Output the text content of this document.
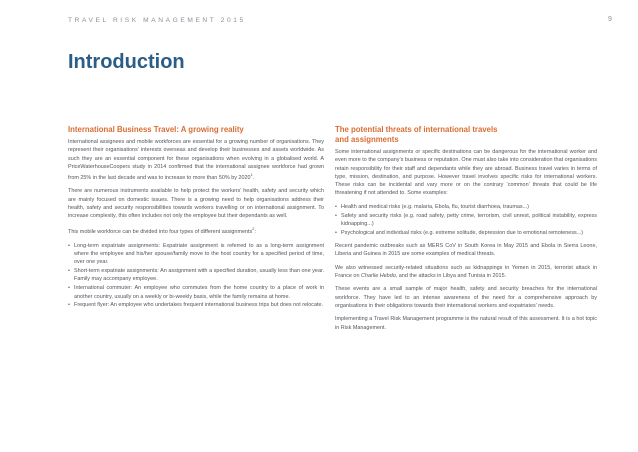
TRAVEL RISK MANAGEMENT 2015	9
Introduction
International Business Travel: A growing reality

International assignees and mobile workforces are essential for a growing number of organisations. They represent their organisations’ interests overseas and develop their businesses and assets worldwide. As such they are an essential component for these organisations when evolving in a globalised world. A PriceWaterhouseCoopers study in 2014 confirmed that the international assignee workforce had grown from 25% in the last decade and was to increase to more than 50% by 2020$^1$.

There are numerous instruments available to help protect the workers’ health, safety and security which are mainly focused on domestic issues. There is a growing need to help organisations address their health, safety and security responsibilities towards workers travelling or on international assignment. To increase complexity, this often includes not only the employee but their dependants as well.

This mobile workforce can be divided into four types of different assignments$^2$:

• Long-term expatriate assignments: Expatriate assignment is referred to as a long-term assignment where the employee and his/her spouse/family move to the host country for a specified period of time, over one year.
• Short-term expatriate assignments: An assignment with a specified duration, usually less than one year. Family may accompany employee.
• International commuter: An employee who commutes from the home country to a place of work in another country, usually on a weekly or bi-weekly basis, while the family remains at home.
• Frequent flyer: An employee who undertakes frequent international business trips but does not relocate.
The potential threats of international travels
and assignments

Some international assignments or specific destinations can be dangerous for the international worker and even more to the company’s business or reputation. One must also take into consideration that organisations retain responsibility for their staff and dependants while they are abroad. Business travel varies in terms of type, mission, destination, and purpose. However travel involves specific risks for international workers. These risks can be incidental and vary more or on the contrary ‘common’ threats that could be life threatening if not attended to. Some examples:

• Health and medical risks (e.g. malaria, Ebola, flu, tourist diarrhoea, traumas...)
• Safety and security risks (e.g. road safety, petty crime, terrorism, civil unrest, political instability, express kidnapping...)
• Psychological and individual risks (e.g. extreme solitude, depression due to emotional remoteness...)

Recent pandemic outbreaks such as MERS CoV in South Korea in May 2015 and Ebola in Sierra Leone, Liberia and Guinea in 2015 are some examples of medical threats.

We also witnessed security-related situations such as kidnappings in Yemen in 2015, terrorist attack in France on Charlie Hebdo, and the attacks in Libya and Tunisia in 2015.

These events are a small sample of major health, safety and security breaches for the international workforce. They have led to an intense awareness of the need for a comprehensive approach by organisations in their obligations towards their international workers and expatriates’ needs.

Implementing a Travel Risk Management programme is the natural result of this assessment. It is a hot topic in Risk Management.
